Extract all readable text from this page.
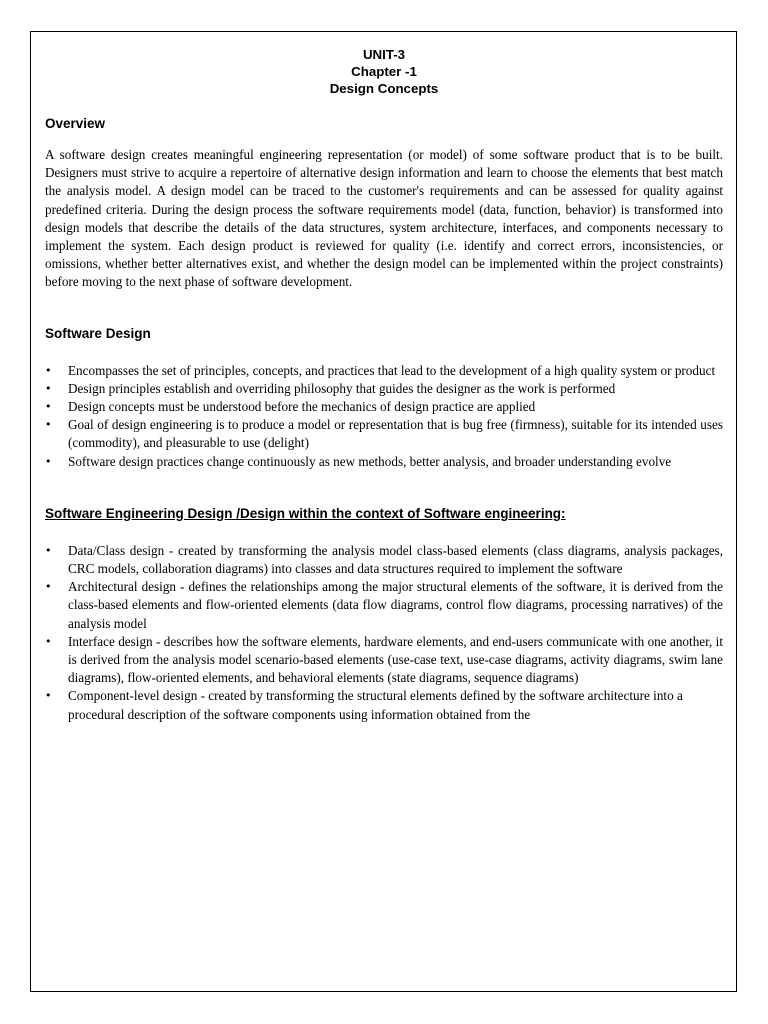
UNIT-3
Chapter -1
Design Concepts
Overview

A software design creates meaningful engineering representation (or model) of some software product that is to be built. Designers must strive to acquire a repertoire of alternative design information and learn to choose the elements that best match the analysis model. A design model can be traced to the customer's requirements and can be assessed for quality against predefined criteria. During the design process the software requirements model (data, function, behavior) is transformed into design models that describe the details of the data structures, system architecture, interfaces, and components necessary to implement the system. Each design product is reviewed for quality (i.e. identify and correct errors, inconsistencies, or omissions, whether better alternatives exist, and whether the design model can be implemented within the project constraints) before moving to the next phase of software development.

Software Design
• Encompasses the set of principles, concepts, and practices that lead to the development of a high quality system or product
• Design principles establish and overriding philosophy that guides the designer as the work is performed
• Design concepts must be understood before the mechanics of design practice are applied
• Goal of design engineering is to produce a model or representation that is bug free (firmness), suitable for its intended uses (commodity), and pleasurable to use (delight)
• Software design practices change continuously as new methods, better analysis, and broader understanding evolve
Software Engineering Design /Design within the context of Software engineering:
• Data/Class design - created by transforming the analysis model class-based elements (class diagrams, analysis packages, CRC models, collaboration diagrams) into classes and data structures required to implement the software
• Architectural design - defines the relationships among the major structural elements of the software, it is derived from the class-based elements and flow-oriented elements (data flow diagrams, control flow diagrams, processing narratives) of the analysis model
• Interface design - describes how the software elements, hardware elements, and end-users communicate with one another, it is derived from the analysis model scenario-based elements (use-case text, use-case diagrams, activity diagrams, swim lane diagrams), flow-oriented elements, and behavioral elements (state diagrams, sequence diagrams)
• Component-level design - created by transforming the structural elements defined by the software architecture into a procedural description of the software components using information obtained from the
